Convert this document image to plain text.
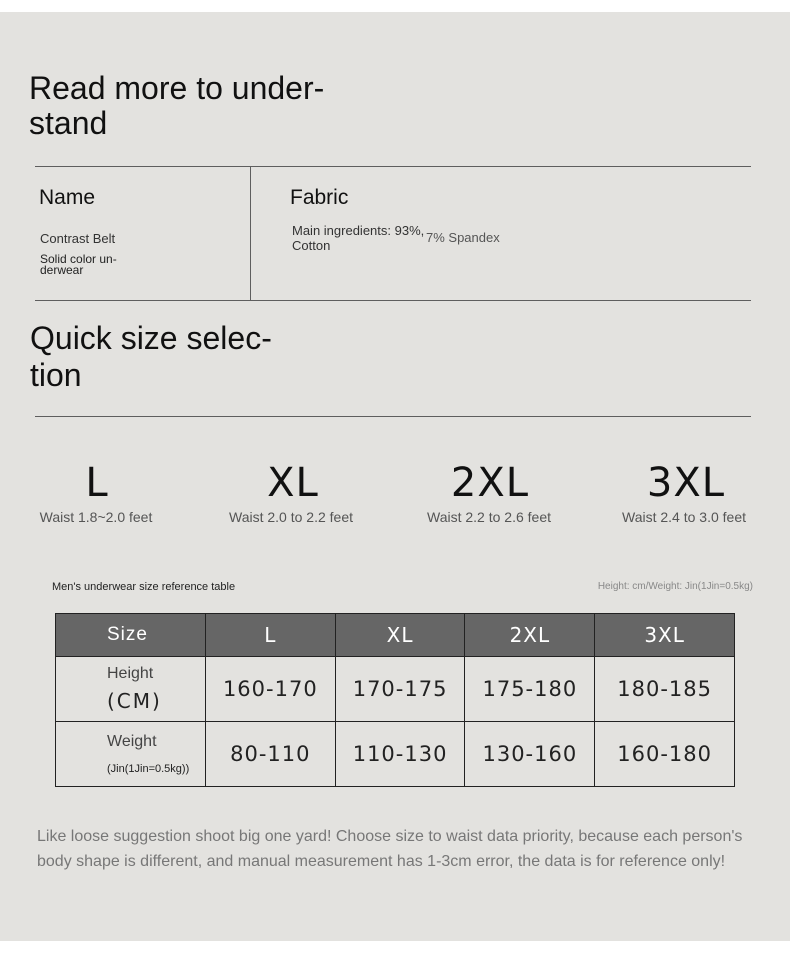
Read more to under-
stand
Name
Contrast Belt
Solid color un-
derwear
Fabric
Main ingredients: 93%,
Cotton
7% Spandex
Quick size selec-
tion
L
Waist 1.8~2.0 feet
XL
Waist 2.0 to 2.2 feet
2XL
Waist 2.2 to 2.6 feet
3XL
Waist 2.4 to 3.0 feet
Men's underwear size reference table	Height: cm/Weight: Jin(1Jin=0.5kg)
Size	L	XL	2XL	3XL

Height
(CM)	160-170	170-175	175-180	180-185

Weight
(Jin(1Jin=0.5kg))	80-110	110-130	130-160	160-180
Like loose suggestion shoot big one yard! Choose size to waist data priority, because each person's body shape is different, and manual measurement has 1-3cm error, the data is for reference only!
